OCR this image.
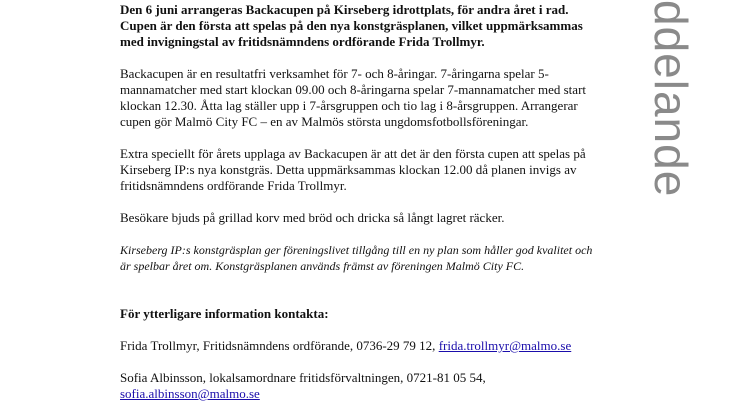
Den 6 juni arrangeras Backacupen på Kirseberg idrottplats, för andra året i rad. Cupen är den första att spelas på den nya konstgräsplanen, vilket uppmärksammas med invigningstal av fritidsnämndens ordförande Frida Trollmyr.

Backacupen är en resultatfri verksamhet för 7- och 8-åringar. 7-åringarna spelar 5-mannamatcher med start klockan 09.00 och 8-åringarna spelar 7-mannamatcher med start klockan 12.30. Åtta lag ställer upp i 7-årsgruppen och tio lag i 8-årsgruppen. Arrangerar cupen gör Malmö City FC – en av Malmös största ungdomsfotbollsföreningar.

Extra speciellt för årets upplaga av Backacupen är att det är den första cupen att spelas på Kirseberg IP:s nya konstgräs. Detta uppmärksammas klockan 12.00 då planen invigs av fritidsnämndens ordförande Frida Trollmyr.

Besökare bjuds på grillad korv med bröd och dricka så långt lagret räcker.

Kirseberg IP:s konstgräsplan ger föreningslivet tillgång till en ny plan som håller god kvalitet och är spelbar året om. Konstgräsplanen används främst av föreningen Malmö City FC.

För ytterligare information kontakta:

Frida Trollmyr, Fritidsnämndens ordförande, 0736-29 79 12, frida.trollmyr@malmo.se

Sofia Albinsson, lokalsamordnare fritidsförvaltningen, 0721-81 05 54,
sofia.albinsson@malmo.se

ddelande
